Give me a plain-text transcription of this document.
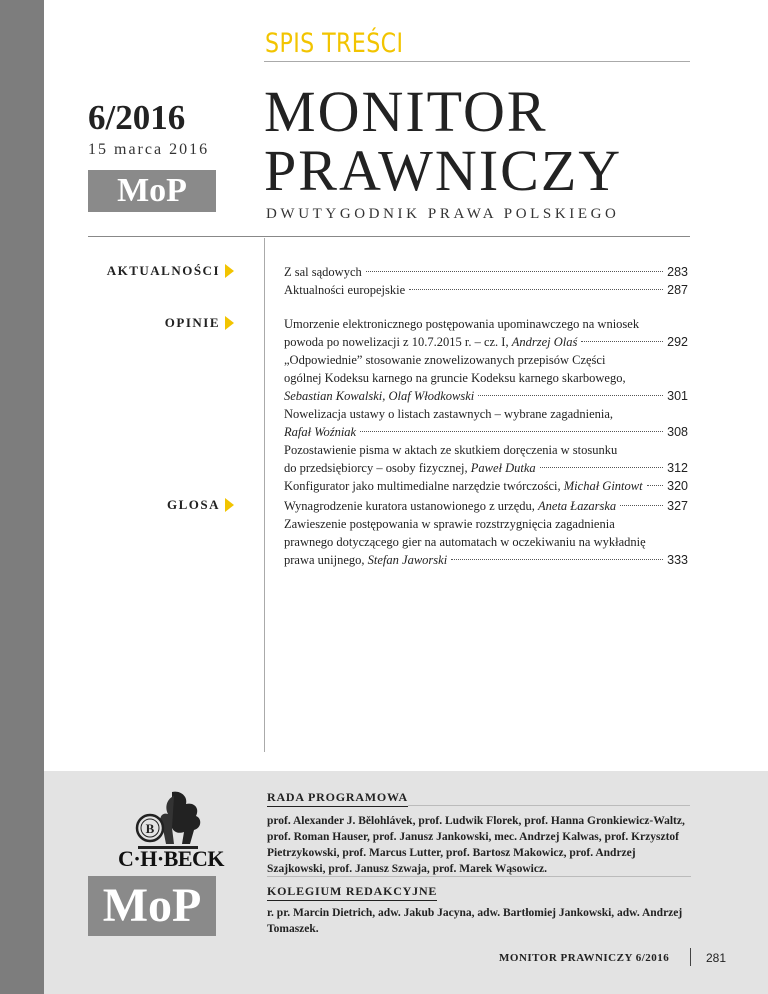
SPIS TREŚCI
6/2016
15 marca 2016
MoP
MONITOR
PRAWNICZY
DWUTYGODNIK PRAWA POLSKIEGO
AKTUALNOŚCI	Z sal sądowych	283
Aktualności europejskie	287
OPINIE	Umorzenie elektronicznego postępowania upominawczego na wniosek
powoda po nowelizacji z 10.7.2015 r. – cz. I, Andrzej Olaś	292
„Odpowiednie” stosowanie znowelizowanych przepisów Części
ogólnej Kodeksu karnego na gruncie Kodeksu karnego skarbowego,
Sebastian Kowalski, Olaf Włodkowski	301
Nowelizacja ustawy o listach zastawnych – wybrane zagadnienia,
Rafał Woźniak	308
Pozostawienie pisma w aktach ze skutkiem doręczenia w stosunku
do przedsiębiorcy – osoby fizycznej, Paweł Dutka	312
Konfigurator jako multimedialne narzędzie twórczości, Michał Gintowt 320
GLOSA	Wynagrodzenie kuratora ustanowionego z urzędu, Aneta Łazarska	327
Zawieszenie postępowania w sprawie rozstrzygnięcia zagadnienia
prawnego dotyczącego gier na automatach w oczekiwaniu na wykładnię
prawa unijnego, Stefan Jaworski	333
B
C·H·BECK
MoP
RADA PROGRAMOWA
prof. Alexander J. Bělohlávek, prof. Ludwik Florek, prof. Hanna Gronkiewicz-Waltz, prof. Roman Hauser, prof. Janusz Jankowski, mec. Andrzej Kalwas, prof. Krzysztof Pietrzykowski, prof. Marcus Lutter, prof. Bartosz Makowicz, prof. Andrzej Szajkowski, prof. Janusz Szwaja, prof. Marek Wąsowicz.
KOLEGIUM REDAKCYJNE
r. pr. Marcin Dietrich, adw. Jakub Jacyna, adw. Bartłomiej Jankowski, adw. Andrzej Tomaszek.
MONITOR PRAWNICZY 6/2016	281
